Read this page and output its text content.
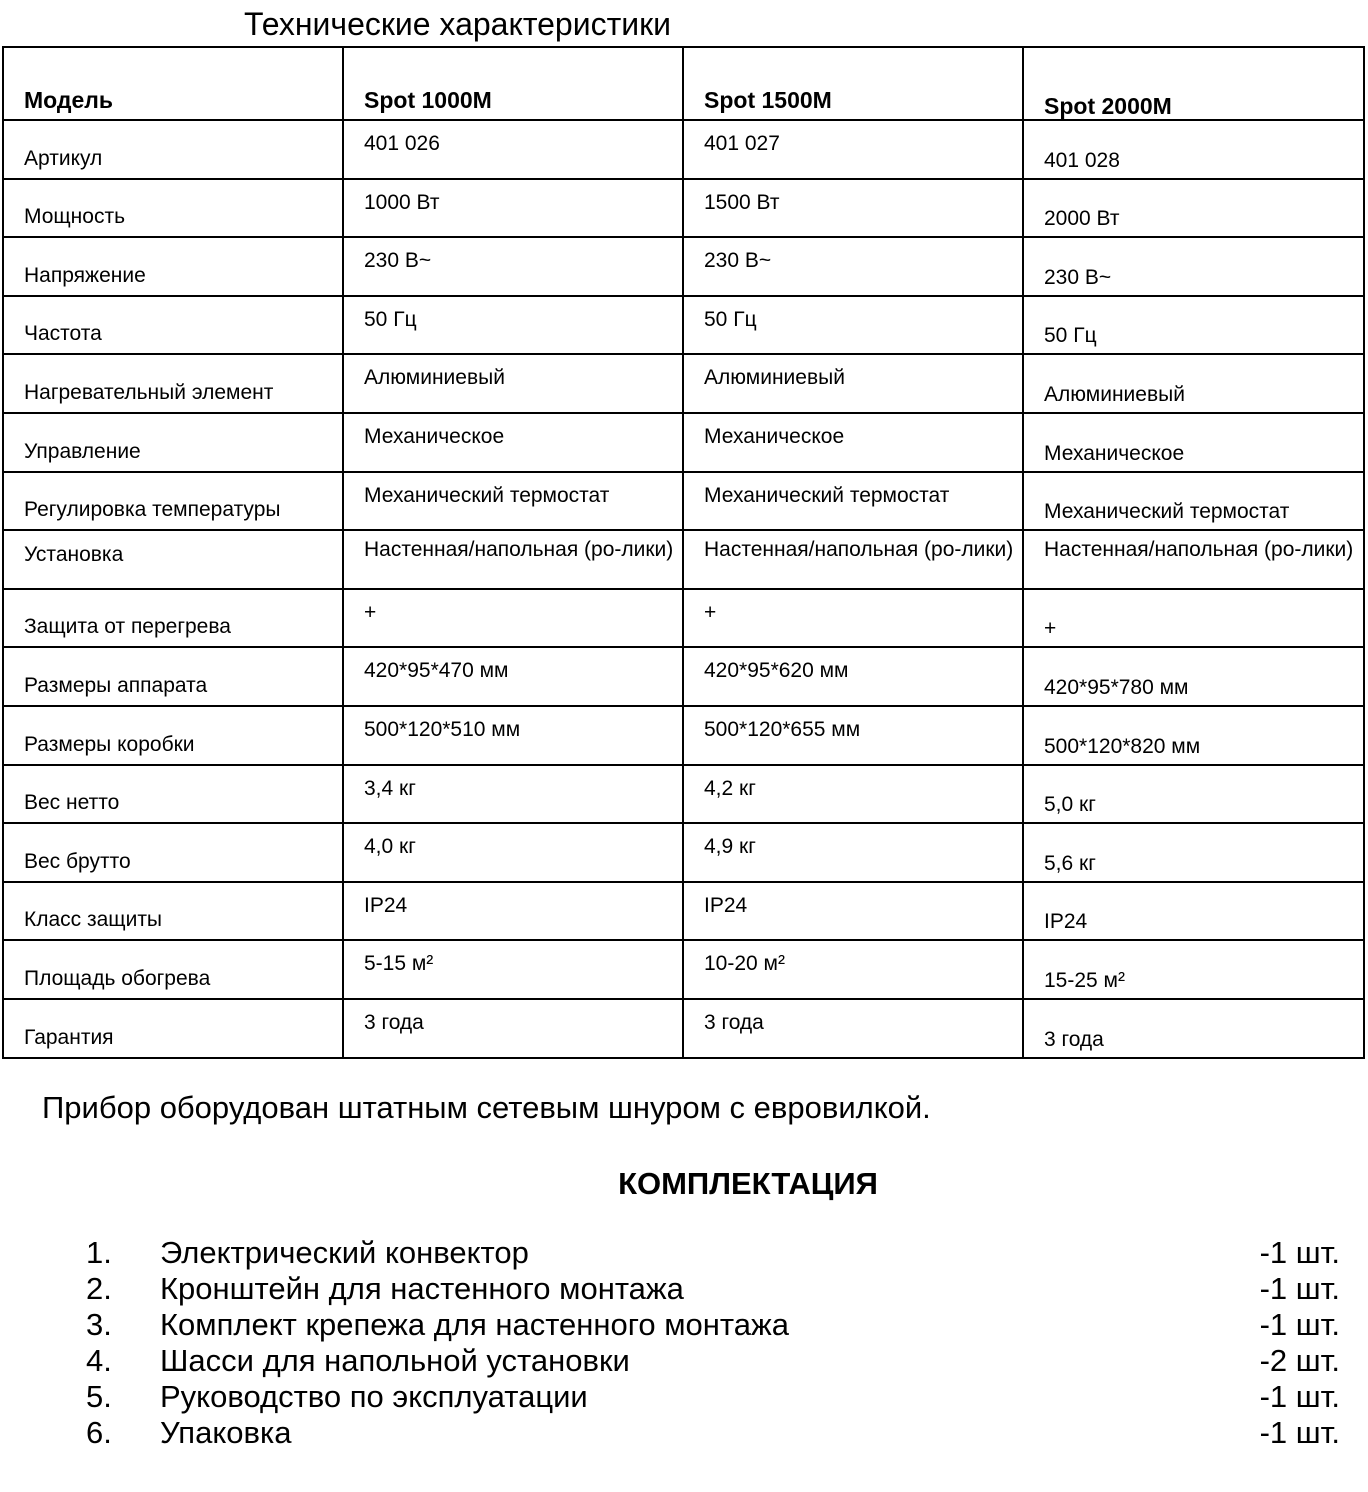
Технические характеристики
Модель	Spot 1000M	Spot 1500M	Spot 2000M
Артикул	401 026	401 027	401 028
Мощность	1000 Вт	1500 Вт	2000 Вт
Напряжение	230 В~	230 В~	230 В~
Частота	50 Гц	50 Гц	50 Гц
Нагревательный элемент	Алюминиевый	Алюминиевый	Алюминиевый
Управление	Механическое	Механическое	Механическое
Регулировка температуры	Механический термостат	Механический термостат	Механический термостат
Установка	Настенная/напольная (ро-лики)	Настенная/напольная (ро-лики)	Настенная/напольная (ро-лики)
Защита от перегрева	+	+	+
Размеры аппарата	420*95*470 мм	420*95*620 мм	420*95*780 мм
Размеры коробки	500*120*510 мм	500*120*655 мм	500*120*820 мм
Вес нетто	3,4 кг	4,2 кг	5,0 кг
Вес брутто	4,0 кг	4,9 кг	5,6 кг
Класс защиты	IP24	IP24	IP24
Площадь обогрева	5-15 м²	10-20 м²	15-25 м²
Гарантия	3 года	3 года	3 года
Прибор оборудован штатным сетевым шнуром с евровилкой.
КОМПЛЕКТАЦИЯ
1. Электрический конвектор	-1 шт.
2. Кронштейн для настенного монтажа	-1 шт.
3. Комплект крепежа для настенного монтажа	-1 шт.
4. Шасси для напольной установки	-2 шт.
5. Руководство по эксплуатации	-1 шт.
6. Упаковка	-1 шт.
